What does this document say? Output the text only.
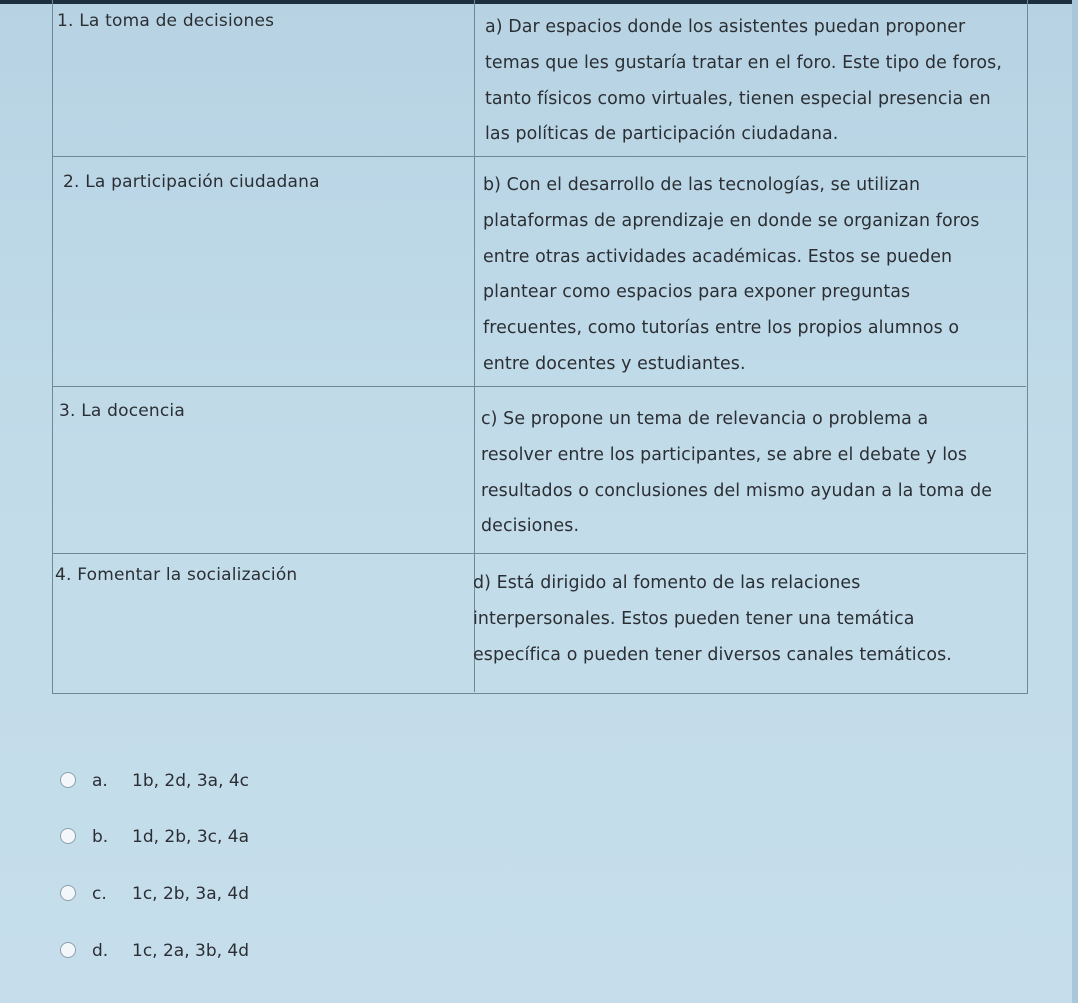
1. La toma de decisiones	a) Dar espacios donde los asistentes puedan proponer
temas que les gustaría tratar en el foro. Este tipo de foros,
tanto físicos como virtuales, tienen especial presencia en
las políticas de participación ciudadana.
2. La participación ciudadana	b) Con el desarrollo de las tecnologías, se utilizan
plataformas de aprendizaje en donde se organizan foros
entre otras actividades académicas. Estos se pueden
plantear como espacios para exponer preguntas
frecuentes, como tutorías entre los propios alumnos o
entre docentes y estudiantes.
3. La docencia	c) Se propone un tema de relevancia o problema a
resolver entre los participantes, se abre el debate y los
resultados o conclusiones del mismo ayudan a la toma de
decisiones.
4. Fomentar la socialización	d) Está dirigido al fomento de las relaciones
interpersonales. Estos pueden tener una temática
específica o pueden tener diversos canales temáticos.
a. 1b, 2d, 3a, 4c
b. 1d, 2b, 3c, 4a
c. 1c, 2b, 3a, 4d
d. 1c, 2a, 3b, 4d
